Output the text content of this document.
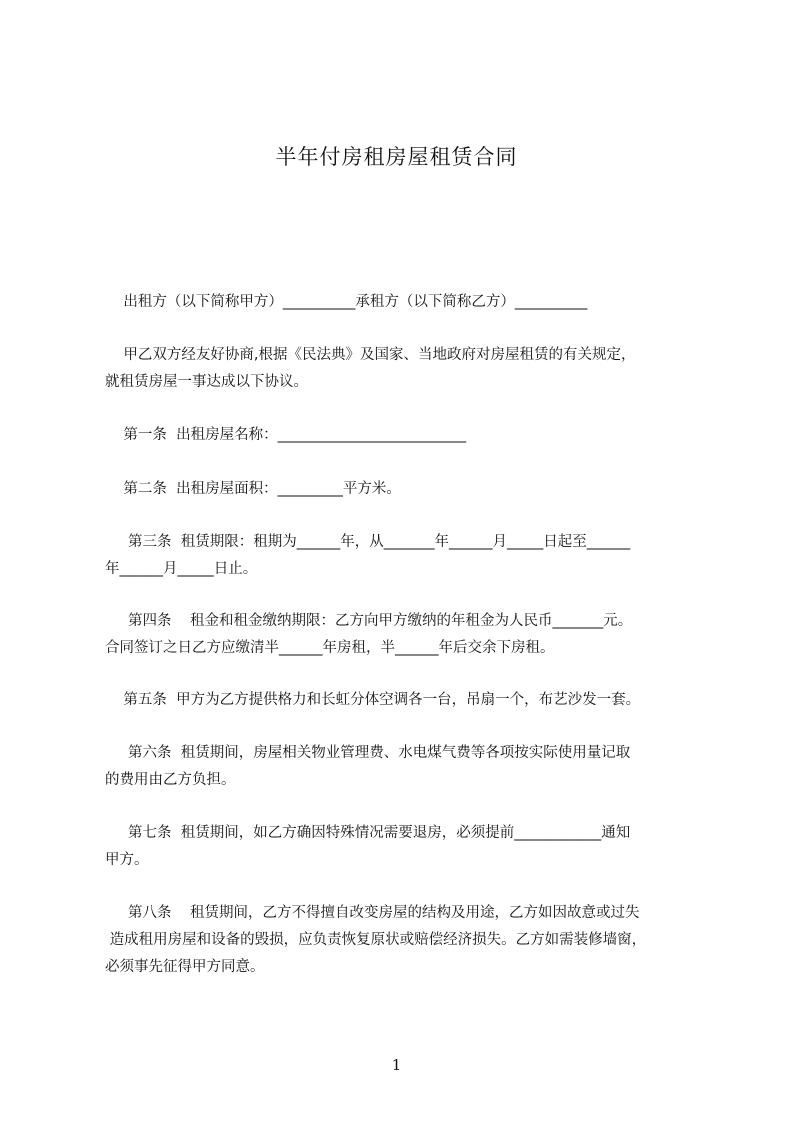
半年付房租房屋租赁合同

出租方（以下简称甲方）__________承租方（以下简称乙方）__________

甲乙双方经友好协商,根据《民法典》及国家、当地政府对房屋租赁的有关规定，

就租赁房屋一事达成以下协议。

第一条  出租房屋名称：__________________________

第二条  出租房屋面积：_________平方米。

第三条  租赁期限：租期为______年，从_______年______月_____日起至______

年______月_____日止。

第四条    租金和租金缴纳期限：乙方向甲方缴纳的年租金为人民币_______元。

合同签订之日乙方应缴清半______年房租，半______年后交余下房租。

第五条  甲方为乙方提供格力和长虹分体空调各一台，吊扇一个，布艺沙发一套。

第六条  租赁期间，房屋相关物业管理费、水电煤气费等各项按实际使用量记取

的费用由乙方负担。

第七条  租赁期间，如乙方确因特殊情况需要退房，必须提前____________通知

甲方。

第八条    租赁期间，乙方不得擅自改变房屋的结构及用途，乙方如因故意或过失

造成租用房屋和设备的毁损，应负责恢复原状或赔偿经济损失。乙方如需装修墙窗，

必须事先征得甲方同意。

1
